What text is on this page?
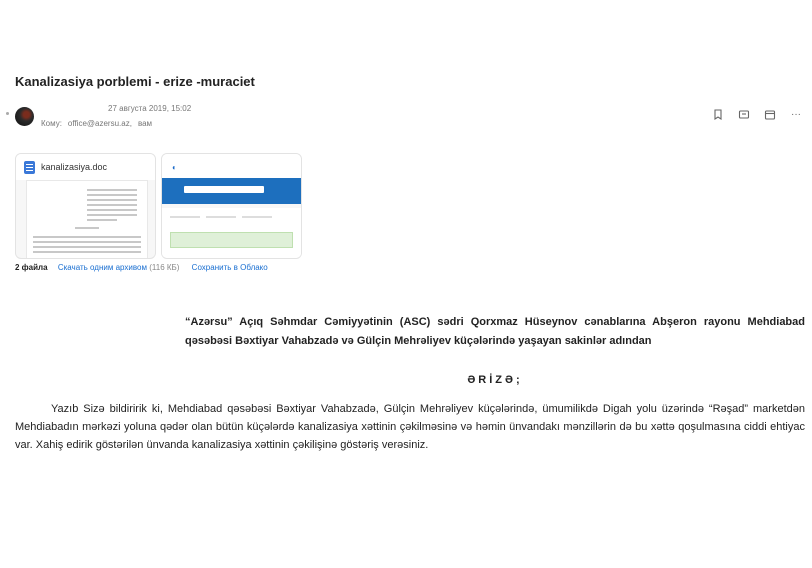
Kanalizasiya porblemi - erize -muraciet
27 августа 2019, 15:02
Кому: office@azersu.az, вам
···
kanalizasiya.doc	◐
2 файла Скачать одним архивом (116 КБ) Сохранить в Облако
“Azərsu” Açıq Səhmdar Cəmiyyətinin (ASC) sədri Qorxmaz Hüseynov cənablarına Abşeron rayonu Mehdiabad qəsəbəsi Bəxtiyar Vahabzadə və Gülçin Mehrəliyev küçələrində yaşayan sakinlər adından
ƏRİZƏ;
Yazıb Sizə bildiririk ki, Mehdiabad qəsəbəsi Bəxtiyar Vahabzadə, Gülçin Mehrəliyev küçələrində, ümumilikdə Digah yolu üzərində “Rəşad” marketdən Mehdiabadın mərkəzi yoluna qədər olan bütün küçələrdə kanalizasiya xəttinin çəkilməsinə və həmin ünvandakı mənzillərin də bu xəttə qoşulmasına ciddi ehtiyac var. Xahiş edirik göstərilən ünvanda kanalizasiya xəttinin çəkilişinə göstəriş verəsiniz.
